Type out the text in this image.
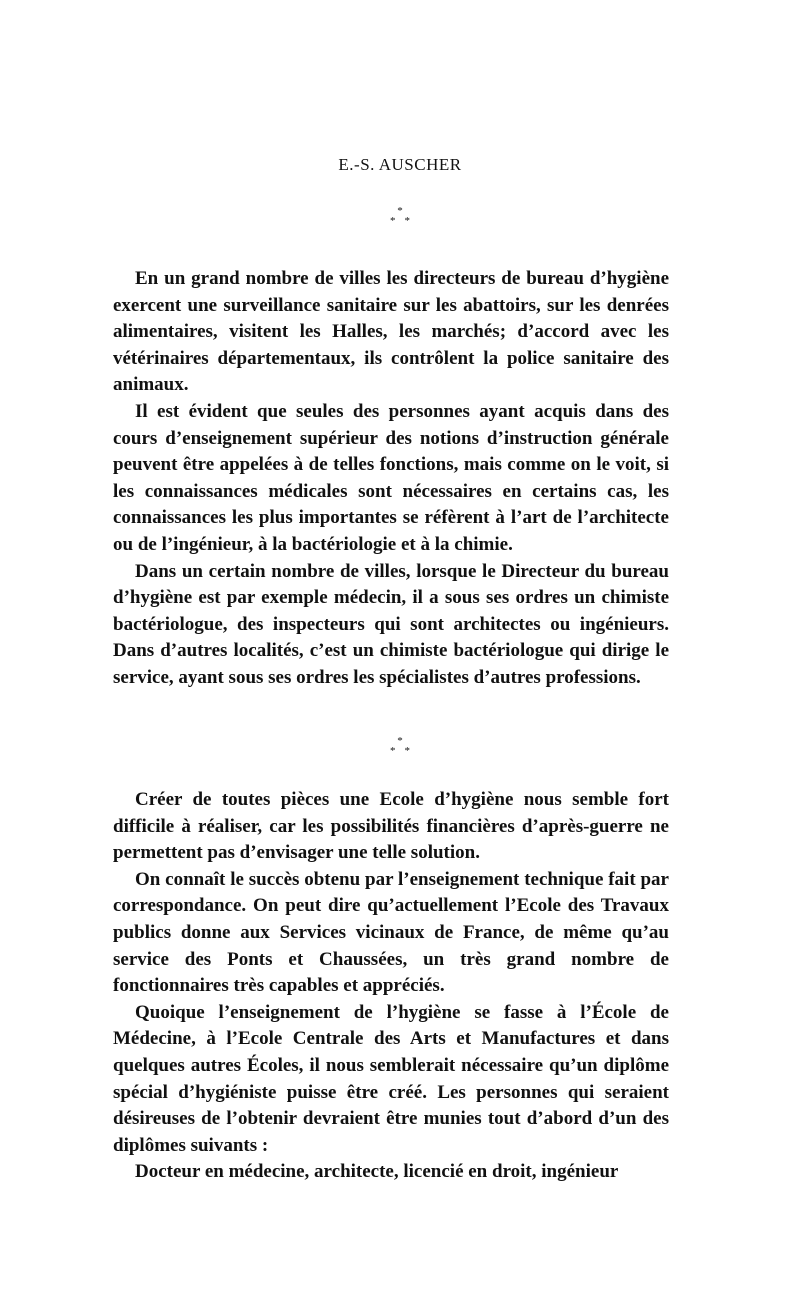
E.-S. AUSCHER
*
**

En un grand nombre de villes les directeurs de bureau d’hygiène exercent une surveillance sanitaire sur les abattoirs, sur les denrées alimentaires, visitent les Halles, les marchés; d’accord avec les vétérinaires départementaux, ils contrôlent la police sanitaire des animaux.

Il est évident que seules des personnes ayant acquis dans des cours d’enseignement supérieur des notions d’instruction générale peuvent être appelées à de telles fonctions, mais comme on le voit, si les connaissances médicales sont nécessaires en certains cas, les connaissances les plus importantes se réfèrent à l’art de l’architecte ou de l’ingénieur, à la bactériologie et à la chimie.

Dans un certain nombre de villes, lorsque le Directeur du bureau d’hygiène est par exemple médecin, il a sous ses ordres un chimiste bactériologue, des inspecteurs qui sont architectes ou ingénieurs. Dans d’autres localités, c’est un chimiste bactériologue qui dirige le service, ayant sous ses ordres les spécialistes d’autres professions.

*
**

Créer de toutes pièces une Ecole d’hygiène nous semble fort difficile à réaliser, car les possibilités financières d’après-guerre ne permettent pas d’envisager une telle solution.

On connaît le succès obtenu par l’enseignement technique fait par correspondance. On peut dire qu’actuellement l’Ecole des Travaux publics donne aux Services vicinaux de France, de même qu’au service des Ponts et Chaussées, un très grand nombre de fonctionnaires très capables et appréciés.

Quoique l’enseignement de l’hygiène se fasse à l’École de Médecine, à l’Ecole Centrale des Arts et Manufactures et dans quelques autres Écoles, il nous semblerait nécessaire qu’un diplôme spécial d’hygiéniste puisse être créé. Les personnes qui seraient désireuses de l’obtenir devraient être munies tout d’abord d’un des diplômes suivants :

Docteur en médecine, architecte, licencié en droit, ingénieur
